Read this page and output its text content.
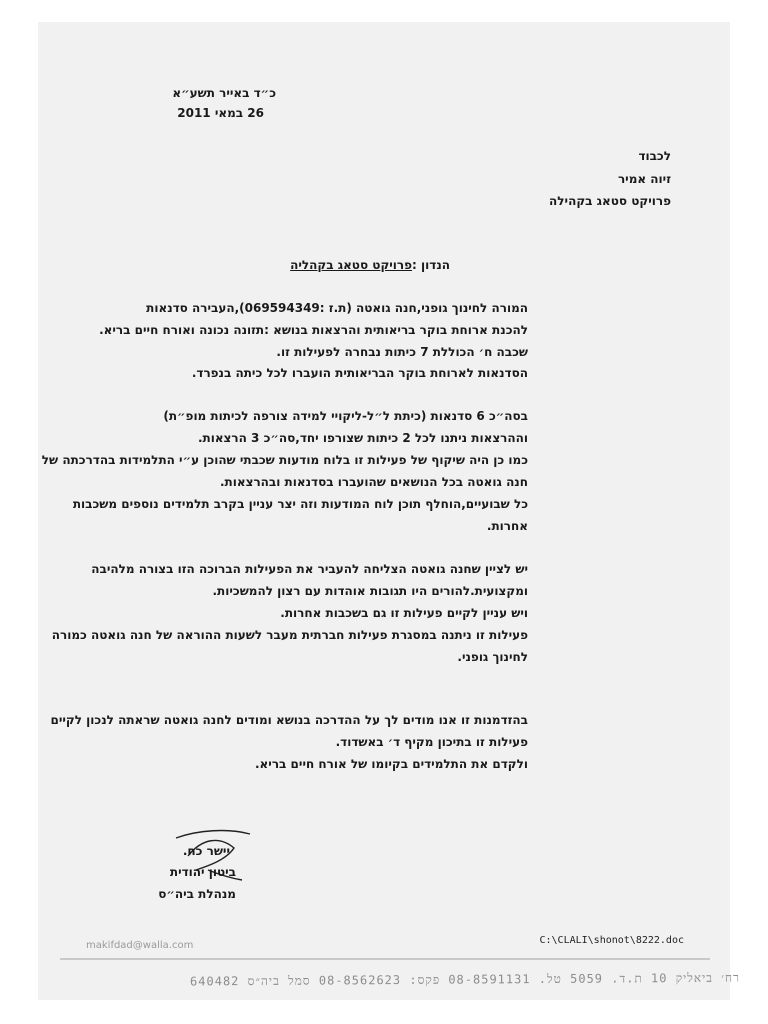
כ״ד באייר תשע״א
26 במאי 2011
לכבוד
זיוה אמיר
פרויקט סטאג בקהילה
הנדון :פרויקט סטאג בקהליה
המורה לחינוך גופני,חנה גואטה (ת.ז :069594349),העבירה סדנאות
להכנת ארוחת בוקר בריאותית והרצאות בנושא :תזונה נכונה ואורח חיים בריא.
שכבה ח׳ הכוללת 7 כיתות נבחרה לפעילות זו.
הסדנאות לארוחת בוקר הבריאותית הועברו לכל כיתה בנפרד.
בסה״כ 6 סדנאות (כיתת ל״ל-ליקויי למידה צורפה לכיתות מופ״ת)
וההרצאות ניתנו לכל 2 כיתות שצורפו יחד,סה״כ 3 הרצאות.
כמו כן היה שיקוף של פעילות זו בלוח מודעות שכבתי שהוכן ע״י התלמידות בהדרכתה של
חנה גואטה בכל הנושאים שהועברו בסדנאות ובהרצאות.
כל שבועיים,הוחלף תוכן לוח המודעות וזה יצר עניין בקרב תלמידים נוספים משכבות
אחרות.
יש לציין שחנה גואטה הצליחה להעביר את הפעילות הברוכה הזו בצורה מלהיבה
ומקצועית.להורים היו תגובות אוהדות עם רצון להמשכיות.
ויש עניין לקיים פעילות זו גם בשכבות אחרות.
פעילות זו ניתנה במסגרת פעילות חברתית מעבר לשעות ההוראה של חנה גואטה כמורה
לחינוך גופני.
בהזדמנות זו אנו מודים לך על ההדרכה בנושא ומודים לחנה גואטה שראתה לנכון לקיים
פעילות זו בתיכון מקיף ד׳ באשדוד.
ולקדם את התלמידים בקיומו של אורח חיים בריא.
יישר כח.
ביטון יהודית
מנהלת ביה״ס
makifdad@walla.com	C:\CLALI\shonot\8222.doc
רח׳ ביאליק 10 ת.ד. 5059 טל. 08-8591131 פקס: 08-8562623 סמל ביה״ס 640482
